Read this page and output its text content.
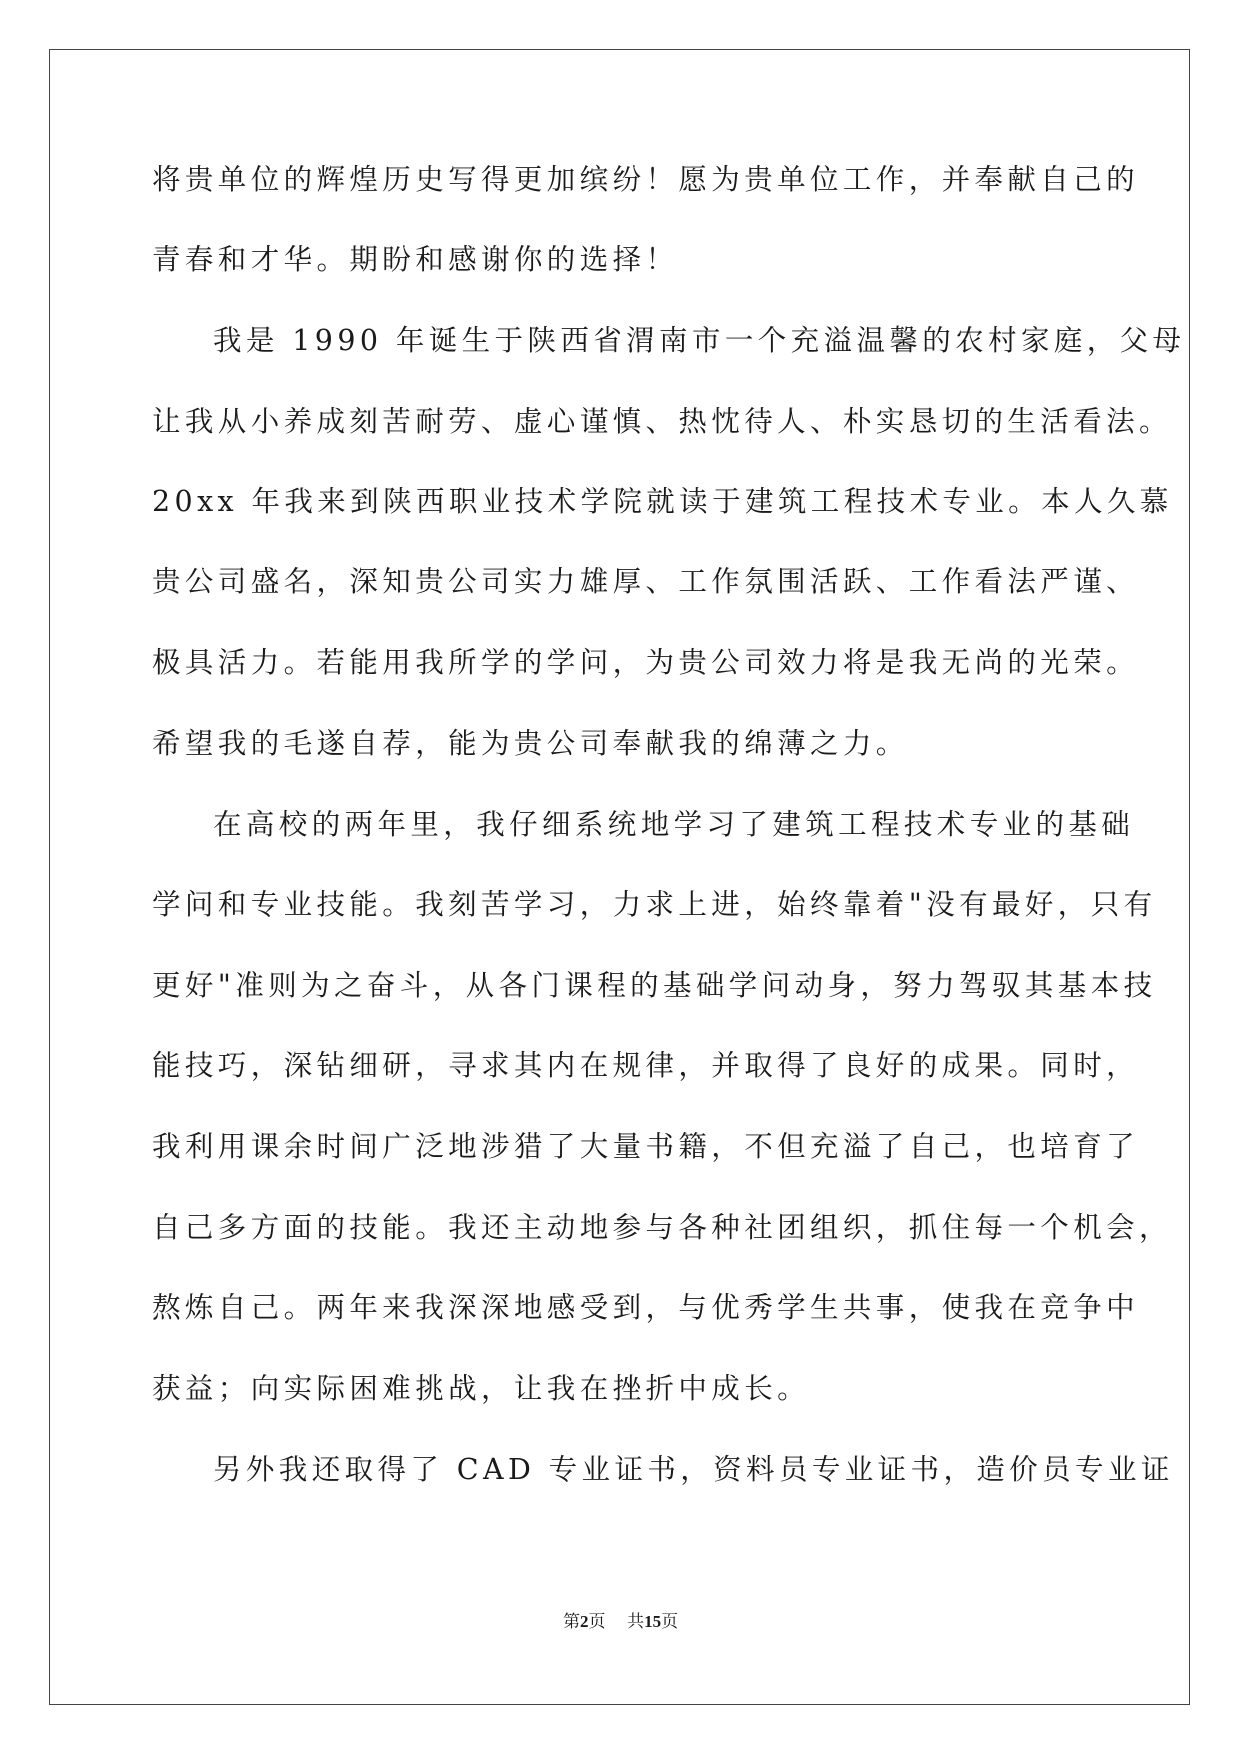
将贵单位的辉煌历史写得更加缤纷！愿为贵单位工作，并奉献自己的
青春和才华。期盼和感谢你的选择！
我是 1990 年诞生于陕西省渭南市一个充溢温馨的农村家庭，父母
让我从小养成刻苦耐劳、虚心谨慎、热忱待人、朴实恳切的生活看法。
20xx 年我来到陕西职业技术学院就读于建筑工程技术专业。本人久慕
贵公司盛名，深知贵公司实力雄厚、工作氛围活跃、工作看法严谨、
极具活力。若能用我所学的学问，为贵公司效力将是我无尚的光荣。
希望我的毛遂自荐，能为贵公司奉献我的绵薄之力。
在高校的两年里，我仔细系统地学习了建筑工程技术专业的基础
学问和专业技能。我刻苦学习，力求上进，始终靠着"没有最好，只有
更好"准则为之奋斗，从各门课程的基础学问动身，努力驾驭其基本技
能技巧，深钻细研，寻求其内在规律，并取得了良好的成果。同时，
我利用课余时间广泛地涉猎了大量书籍，不但充溢了自己，也培育了
自己多方面的技能。我还主动地参与各种社团组织，抓住每一个机会，
熬炼自己。两年来我深深地感受到，与优秀学生共事，使我在竞争中
获益；向实际困难挑战，让我在挫折中成长。
另外我还取得了 CAD 专业证书，资料员专业证书，造价员专业证
第2页 共15页
